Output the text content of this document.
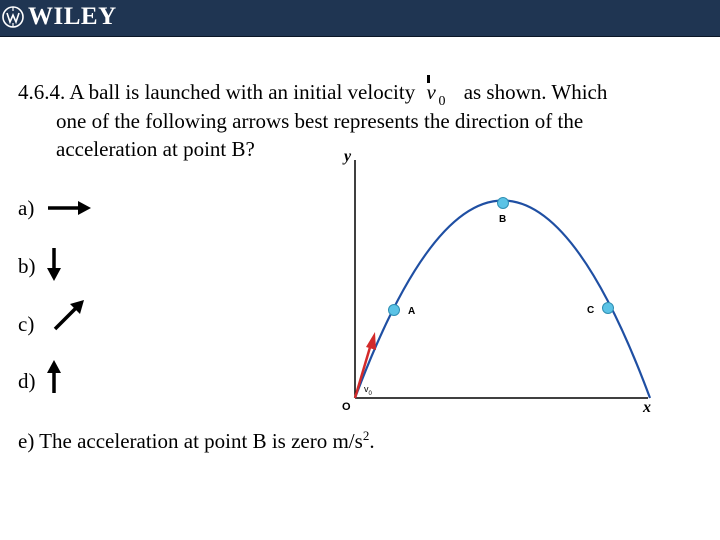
WILEY
4.6.4. A ball is launched with an initial velocity v 0 as shown. Which
one of the following arrows best represents the direction of the
acceleration at point B?
a)
b)
c)
d)
e) The acceleration at point B is zero $m/s^2$.
y
x
O
$v_0$
A
B
C
